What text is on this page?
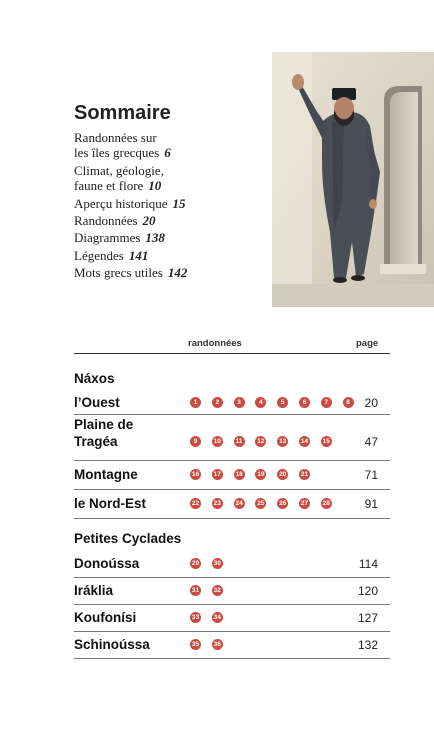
Sommaire
Randonnées sur
les îles grecques 6
Climat, géologie,
faune et flore 10
Aperçu historique 15
Randonnées 20
Diagrammes 138
Légendes 141
Mots grecs utiles 142
randonnées	page
Náxos
l’Ouest	1	2	3	4	5	6	7	8	20
Plaine de
Tragéa	9	10	11	12 13 14 15	47
Montagne	16 17 18 19 20 21	71
le Nord-Est	22 23 24 25 26 27 28	91
Petites Cyclades
Donoússa	29 30	114
Iráklia	31 32	120
Koufonísi	33 34	127
Schinoússa	35 36	132
